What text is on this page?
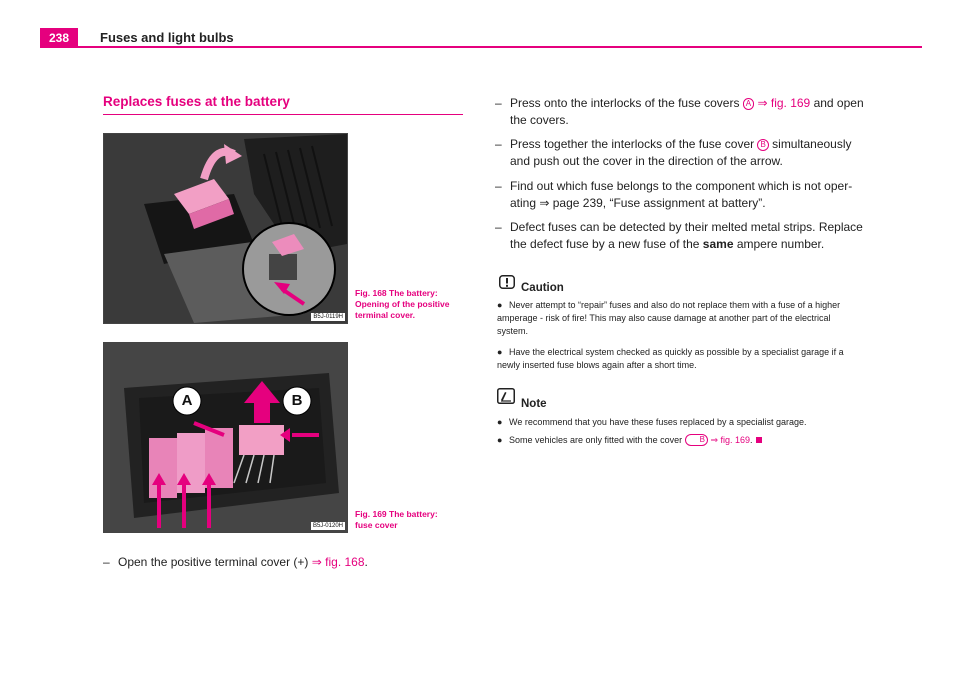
238	Fuses and light bulbs
Replaces fuses at the battery
B5J-0119H
Fig. 168 The battery:
Opening of the positive terminal cover.
A	B
B5J-0120H
Fig. 169 The battery:
fuse cover
– Open the positive terminal cover (+) ⇒ fig. 168.
– Press onto the interlocks of the fuse covers A ⇒ fig. 169 and open
the covers.
– Press together the interlocks of the fuse cover B simultaneously
and push out the cover in the direction of the arrow.
– Find out which fuse belongs to the component which is not oper-
ating ⇒ page 239, “Fuse assignment at battery”.
– Defect fuses can be detected by their melted metal strips. Replace
the defect fuse by a new fuse of the same ampere number.
Caution
● Never attempt to “repair” fuses and also do not replace them with a fuse of a higher amperage - risk of fire! This may also cause damage at another part of the electrical system.
● Have the electrical system checked as quickly as possible by a specialist garage if a newly inserted fuse blows again after a short time.
Note
● We recommend that you have these fuses replaced by a specialist garage.
● Some vehicles are only fitted with the cover B ⇒ fig. 169.
